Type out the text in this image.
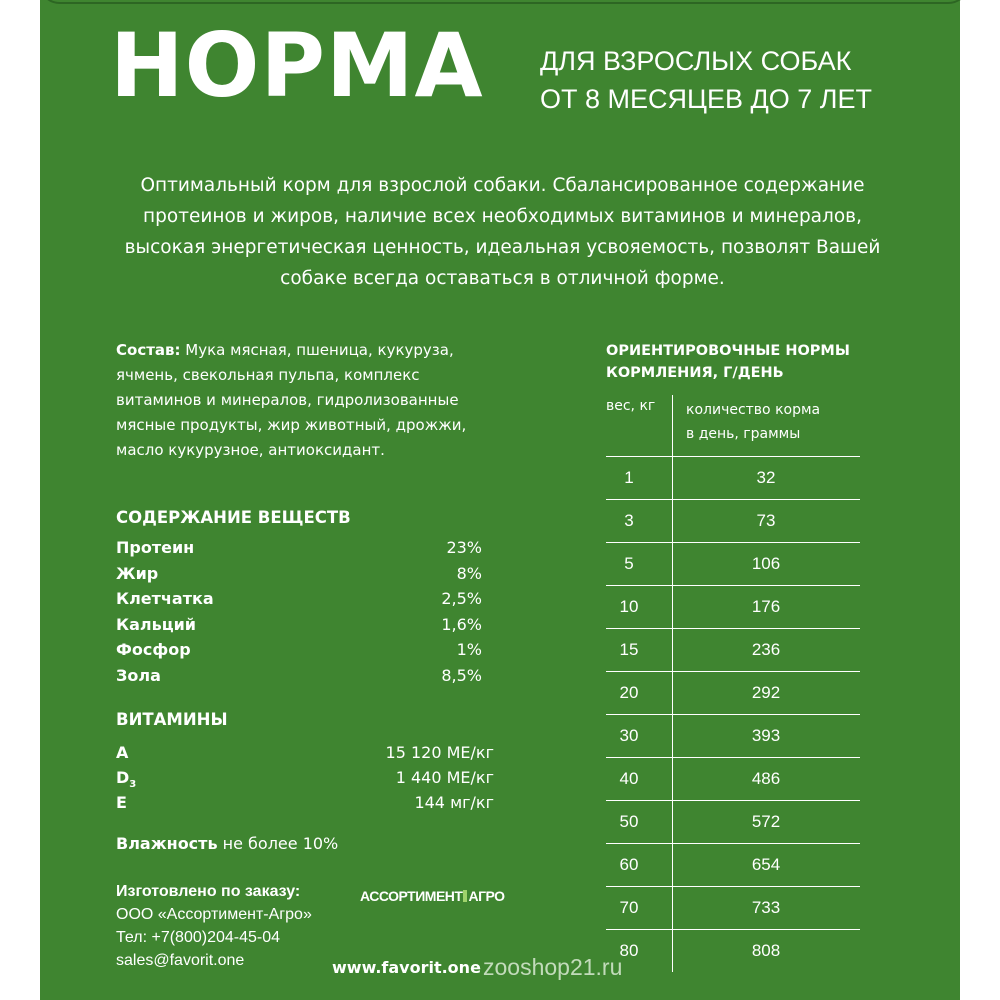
НОРМА ДЛЯ ВЗРОСЛЫХ СОБАК
ОТ 8 МЕСЯЦЕВ ДО 7 ЛЕТ
Оптимальный корм для взрослой собаки. Сбалансированное содержание
протеинов и жиров, наличие всех необходимых витаминов и минералов,
высокая энергетическая ценность, идеальная усвояемость, позволят Вашей
собаке всегда оставаться в отличной форме.
Состав: Мука мясная, пшеница, кукуруза,
ячмень, свекольная пульпа, комплекс
витаминов и минералов, гидролизованные
мясные продукты, жир животный, дрожжи,
масло кукурузное, антиоксидант.
СОДЕРЖАНИЕ ВЕЩЕСТВ
Протеин	23%
Жир	8%
Клетчатка	2,5%
Кальций	1,6%
Фосфор	1%
Зола	8,5%
ВИТАМИНЫ
A	15 120 МЕ/кг
$D_3$	1 440 МЕ/кг
E	144 мг/кг
Влажность не более 10%
Изготовлено по заказу:
ООО «Ассортимент-Агро»
Тел: +7(800)204-45-04
sales@favorit.one
АССОРТИМЕНТ АГРО
www.favorit.one zooshop21.ru
ОРИЕНТИРОВОЧНЫЕ НОРМЫ
КОРМЛЕНИЯ, Г/ДЕНЬ
вес, кг количество корма
в день, граммы
1	32
3	73
5	106
10	176
15	236
20	292
30	393
40	486
50	572
60	654
70	733
80	808
